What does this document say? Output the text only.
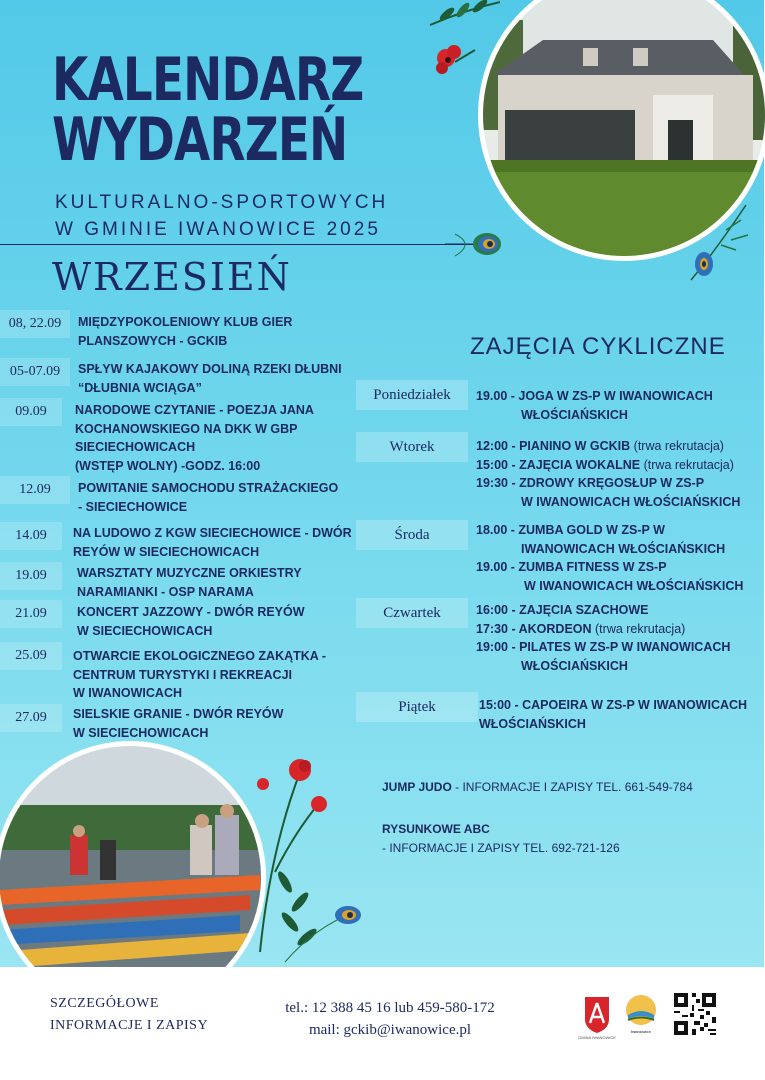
KALENDARZ
WYDARZEŃ
KULTURALNO-SPORTOWYCH
W GMINIE IWANOWICE 2025
WRZESIEŃ
08, 22.09	MIĘDZYPOKOLENIOWY KLUB GIER
PLANSZOWYCH - GCKIB
05-07.09	SPŁYW KAJAKOWY DOLINĄ RZEKI DŁUBNI
“DŁUBNIA WCIĄGA”
09.09	NARODOWE CZYTANIE - POEZJA JANA
KOCHANOWSKIEGO NA DKK W GBP
SIECIECHOWICACH
(WSTĘP WOLNY) -GODZ. 16:00
12.09	POWITANIE SAMOCHODU STRAŻACKIEGO
- SIECIECHOWICE
14.09	NA LUDOWO Z KGW SIECIECHOWICE - DWÓR
REYÓW W SIECIECHOWICACH
19.09	WARSZTATY MUZYCZNE ORKIESTRY
NARAMIANKI - OSP NARAMA
21.09	KONCERT JAZZOWY - DWÓR REYÓW
W SIECIECHOWICACH
25.09	OTWARCIE EKOLOGICZNEGO ZAKĄTKA -
CENTRUM TURYSTYKI I REKREACJI
W IWANOWICACH
27.09	SIELSKIE GRANIE - DWÓR REYÓW
W SIECIECHOWICACH
ZAJĘCIA CYKLICZNE
Poniedziałek	19.00 - JOGA W ZS-P W IWANOWICACH
WŁOŚCIAŃSKICH
Wtorek	12:00 - PIANINO W GCKIB (trwa rekrutacja)
15:00 - ZAJĘCIA WOKALNE (trwa rekrutacja)
19:30 - ZDROWY KRĘGOSŁUP W ZS-P
W IWANOWICACH WŁOŚCIAŃSKICH
Środa	18.00 - ZUMBA GOLD W ZS-P W
IWANOWICACH WŁOŚCIAŃSKICH
19.00 - ZUMBA FITNESS W ZS-P
W IWANOWICACH WŁOŚCIAŃSKICH
Czwartek	16:00 - ZAJĘCIA SZACHOWE
17:30 - AKORDEON (trwa rekrutacja)
19:00 - PILATES W ZS-P W IWANOWICACH
WŁOŚCIAŃSKICH
Piątek	15:00 - CAPOEIRA W ZS-P W IWANOWICACH
WŁOŚCIAŃSKICH
JUMP JUDO - INFORMACJE I ZAPISY TEL. 661-549-784
RYSUNKOWE ABC
- INFORMACJE I ZAPISY TEL. 692-721-126
SZCZEGÓŁOWE
INFORMACJE I ZAPISY
tel.: 12 388 45 16 lub 459-580-172
mail: gckib@iwanowice.pl	GMINA IWANOWICE
Iwanowice
